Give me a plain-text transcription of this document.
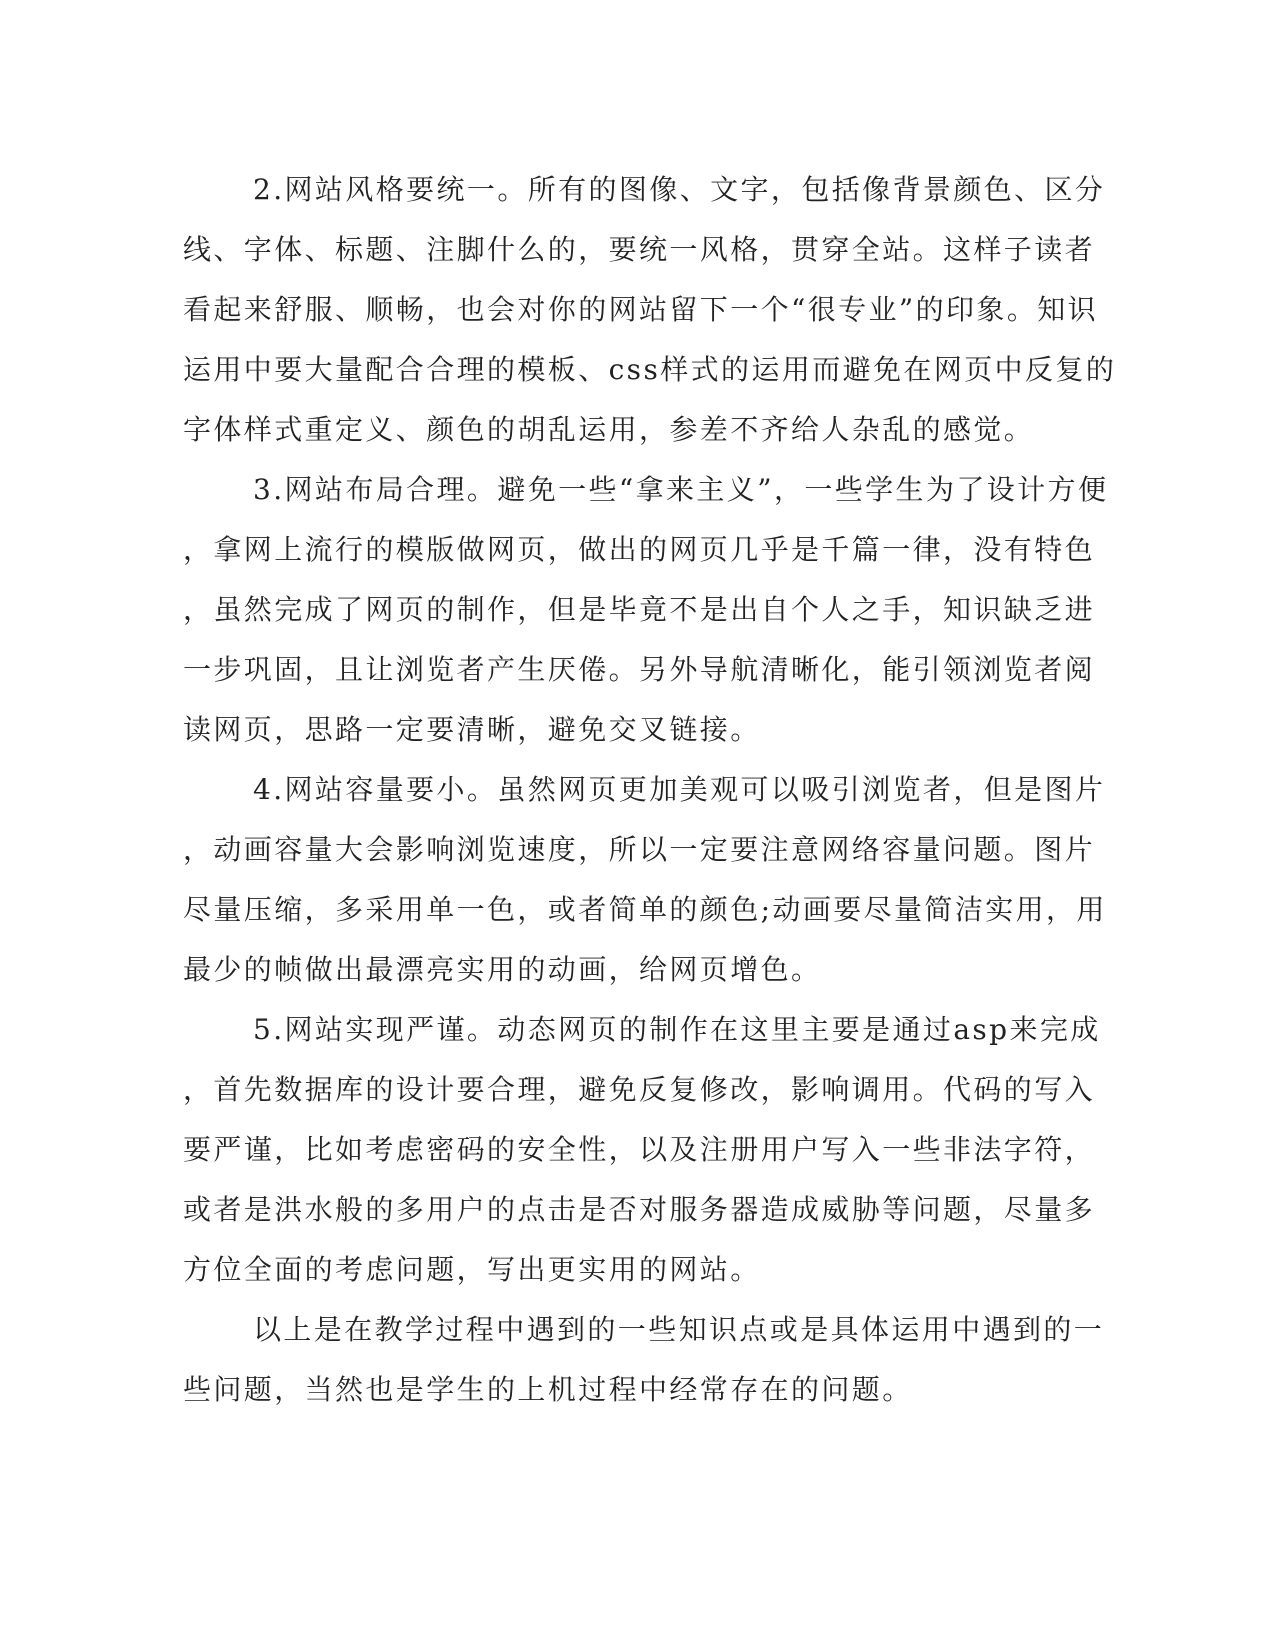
2.网站风格要统一。所有的图像、文字，包括像背景颜色、区分
线、字体、标题、注脚什么的，要统一风格，贯穿全站。这样子读者
看起来舒服、顺畅，也会对你的网站留下一个“很专业”的印象。知识
运用中要大量配合合理的模板、css样式的运用而避免在网页中反复的
字体样式重定义、颜色的胡乱运用，参差不齐给人杂乱的感觉。
3.网站布局合理。避免一些“拿来主义”，一些学生为了设计方便
，拿网上流行的模版做网页，做出的网页几乎是千篇一律，没有特色
，虽然完成了网页的制作，但是毕竟不是出自个人之手，知识缺乏进
一步巩固，且让浏览者产生厌倦。另外导航清晰化，能引领浏览者阅
读网页，思路一定要清晰，避免交叉链接。
4.网站容量要小。虽然网页更加美观可以吸引浏览者，但是图片
，动画容量大会影响浏览速度，所以一定要注意网络容量问题。图片
尽量压缩，多采用单一色，或者简单的颜色;动画要尽量简洁实用，用
最少的帧做出最漂亮实用的动画，给网页增色。
5.网站实现严谨。动态网页的制作在这里主要是通过asp来完成
，首先数据库的设计要合理，避免反复修改，影响调用。代码的写入
要严谨，比如考虑密码的安全性，以及注册用户写入一些非法字符，
或者是洪水般的多用户的点击是否对服务器造成威胁等问题，尽量多
方位全面的考虑问题，写出更实用的网站。
以上是在教学过程中遇到的一些知识点或是具体运用中遇到的一
些问题，当然也是学生的上机过程中经常存在的问题。
